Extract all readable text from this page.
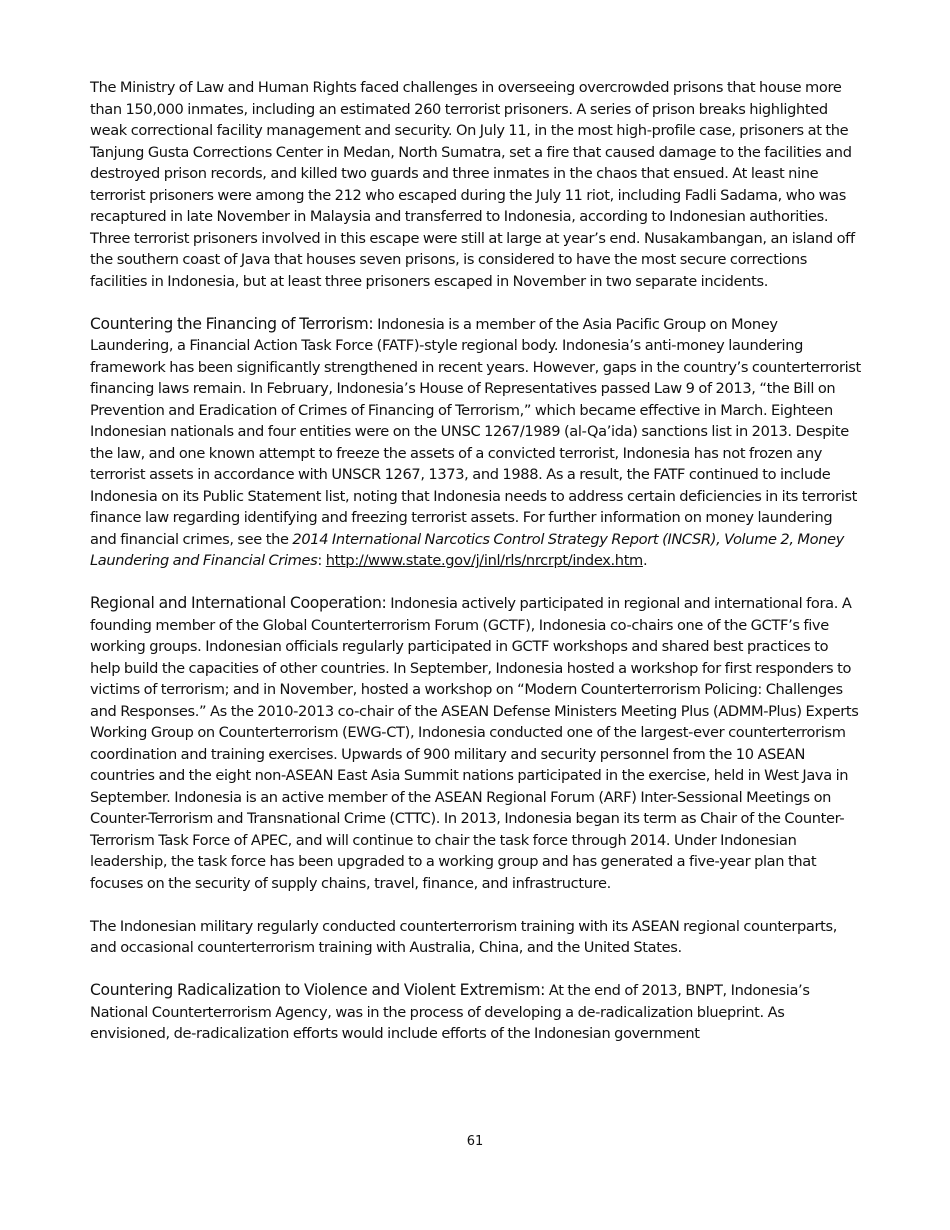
The Ministry of Law and Human Rights faced challenges in overseeing overcrowded prisons that house more than 150,000 inmates, including an estimated 260 terrorist prisoners. A series of prison breaks highlighted weak correctional facility management and security. On July 11, in the most high-profile case, prisoners at the Tanjung Gusta Corrections Center in Medan, North Sumatra, set a fire that caused damage to the facilities and destroyed prison records, and killed two guards and three inmates in the chaos that ensued. At least nine terrorist prisoners were among the 212 who escaped during the July 11 riot, including Fadli Sadama, who was recaptured in late November in Malaysia and transferred to Indonesia, according to Indonesian authorities. Three terrorist prisoners involved in this escape were still at large at year’s end. Nusakambangan, an island off the southern coast of Java that houses seven prisons, is considered to have the most secure corrections facilities in Indonesia, but at least three prisoners escaped in November in two separate incidents.

Countering the Financing of Terrorism: Indonesia is a member of the Asia Pacific Group on Money Laundering, a Financial Action Task Force (FATF)-style regional body. Indonesia’s anti-money laundering framework has been significantly strengthened in recent years. However, gaps in the country’s counterterrorist financing laws remain. In February, Indonesia’s House of Representatives passed Law 9 of 2013, “the Bill on Prevention and Eradication of Crimes of Financing of Terrorism,” which became effective in March. Eighteen Indonesian nationals and four entities were on the UNSC 1267/1989 (al-Qa’ida) sanctions list in 2013. Despite the law, and one known attempt to freeze the assets of a convicted terrorist, Indonesia has not frozen any terrorist assets in accordance with UNSCR 1267, 1373, and 1988. As a result, the FATF continued to include Indonesia on its Public Statement list, noting that Indonesia needs to address certain deficiencies in its terrorist finance law regarding identifying and freezing terrorist assets. For further information on money laundering and financial crimes, see the 2014 International Narcotics Control Strategy Report (INCSR), Volume 2, Money Laundering and Financial Crimes: http://www.state.gov/j/inl/rls/nrcrpt/index.htm.

Regional and International Cooperation: Indonesia actively participated in regional and international fora. A founding member of the Global Counterterrorism Forum (GCTF), Indonesia co-chairs one of the GCTF’s five working groups. Indonesian officials regularly participated in GCTF workshops and shared best practices to help build the capacities of other countries. In September, Indonesia hosted a workshop for first responders to victims of terrorism; and in November, hosted a workshop on “Modern Counterterrorism Policing: Challenges and Responses.” As the 2010-2013 co-chair of the ASEAN Defense Ministers Meeting Plus (ADMM-Plus) Experts Working Group on Counterterrorism (EWG-CT), Indonesia conducted one of the largest-ever counterterrorism coordination and training exercises. Upwards of 900 military and security personnel from the 10 ASEAN countries and the eight non-ASEAN East Asia Summit nations participated in the exercise, held in West Java in September. Indonesia is an active member of the ASEAN Regional Forum (ARF) Inter-Sessional Meetings on Counter-Terrorism and Transnational Crime (CTTC). In 2013, Indonesia began its term as Chair of the Counter-Terrorism Task Force of APEC, and will continue to chair the task force through 2014. Under Indonesian leadership, the task force has been upgraded to a working group and has generated a five-year plan that focuses on the security of supply chains, travel, finance, and infrastructure.

The Indonesian military regularly conducted counterterrorism training with its ASEAN regional counterparts, and occasional counterterrorism training with Australia, China, and the United States.

Countering Radicalization to Violence and Violent Extremism: At the end of 2013, BNPT, Indonesia’s National Counterterrorism Agency, was in the process of developing a de-radicalization blueprint. As envisioned, de-radicalization efforts would include efforts of the Indonesian government

61
